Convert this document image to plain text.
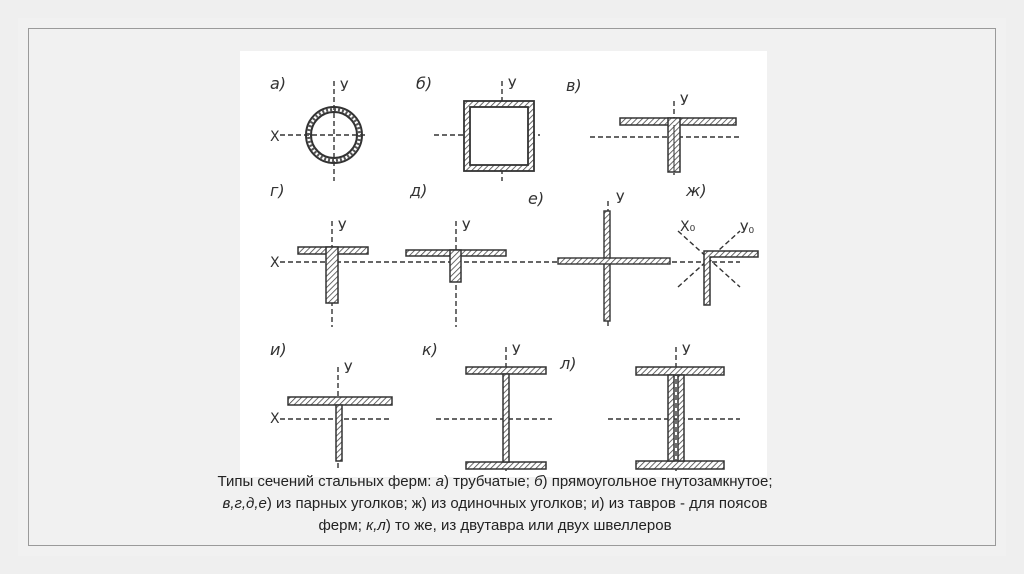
а)	б)	в)
г)	д)	е)	ж)
и)	к)
л)
У	У
У
X
У	У
У
X
X₀	У₀
У
X
У	У
Типы сечений стальных ферм: а) трубчатые; б) прямоугольное гнутозамкнутое;
в,г,д,е) из парных уголков; ж) из одиночных уголков; и) из тавров - для поясов
ферм; к,л) то же, из двутавра или двух швеллеров
